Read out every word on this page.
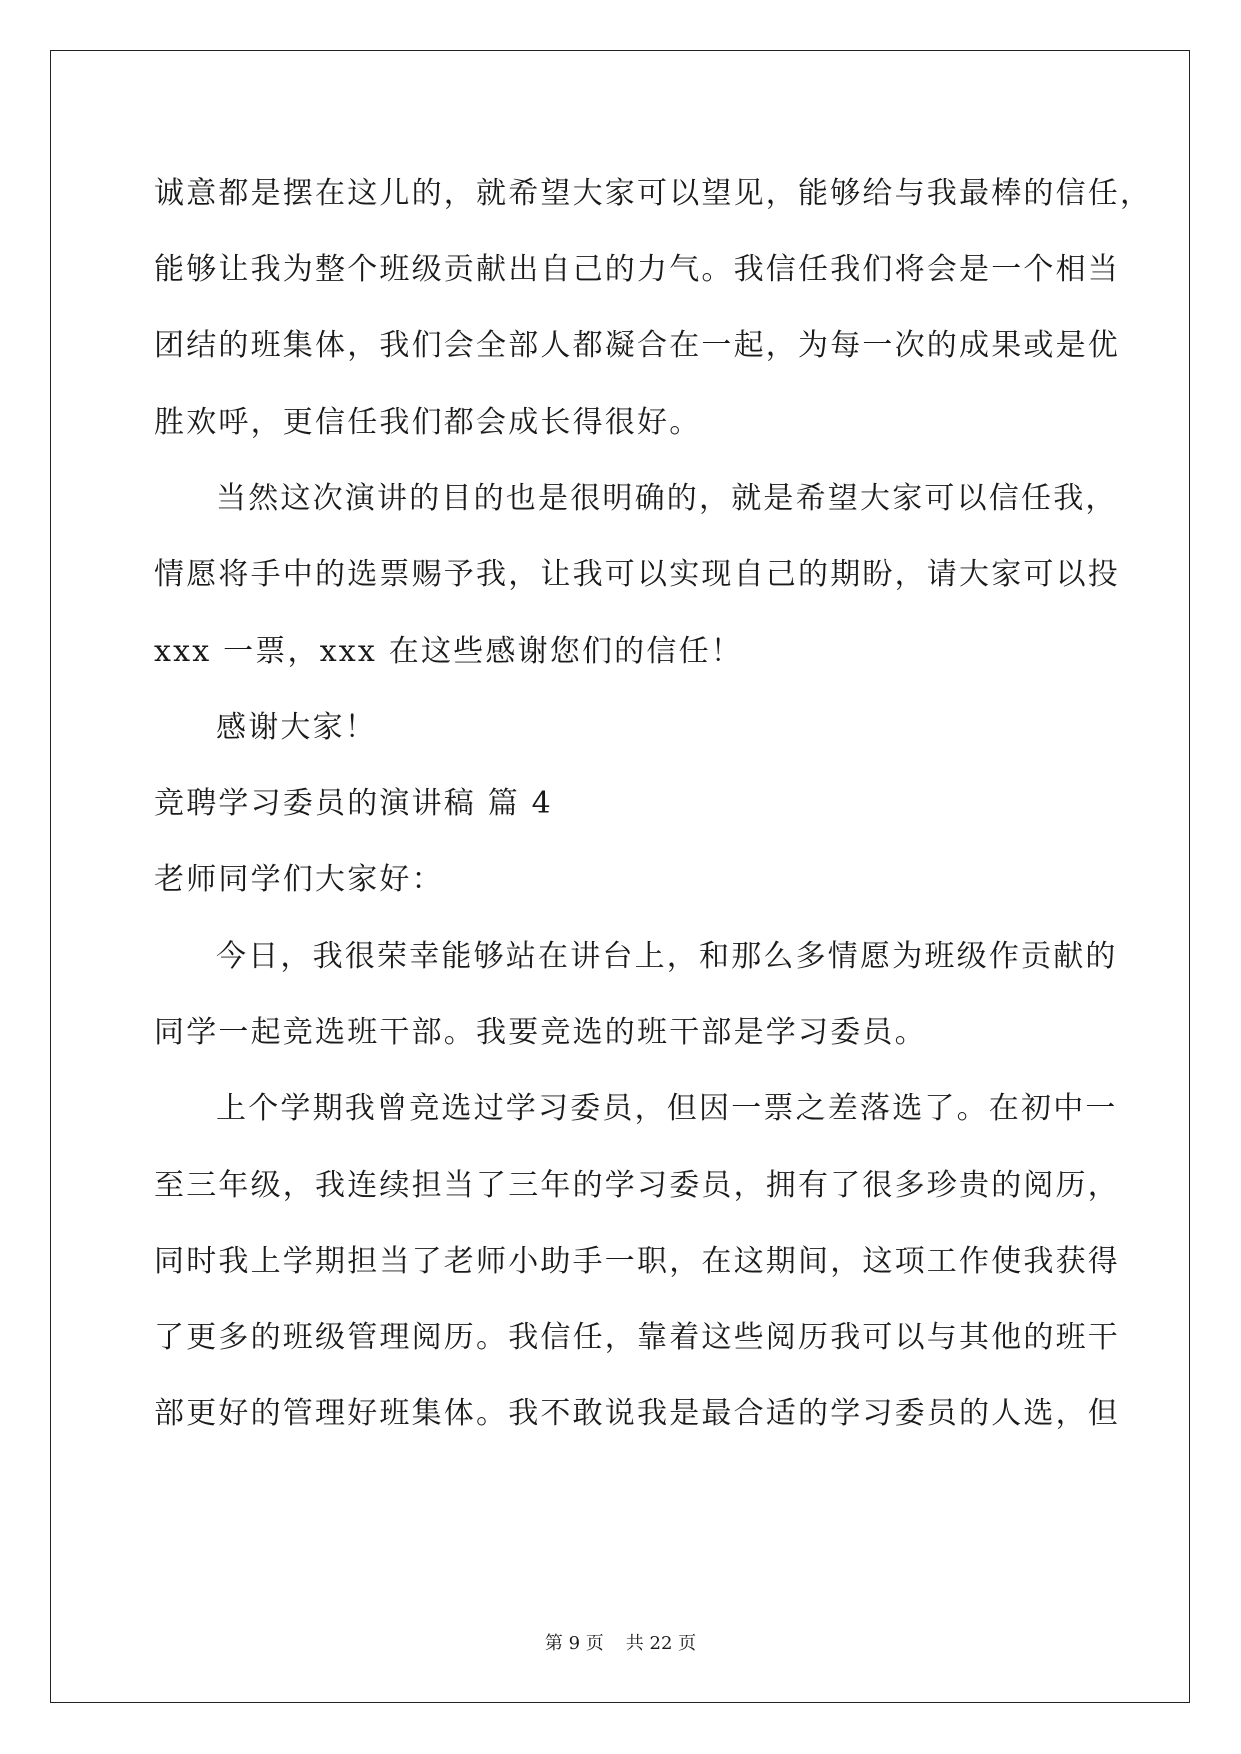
诚意都是摆在这儿的，就希望大家可以望见，能够给与我最棒的信任，
能够让我为整个班级贡献出自己的力气。我信任我们将会是一个相当
团结的班集体，我们会全部人都凝合在一起，为每一次的成果或是优
胜欢呼，更信任我们都会成长得很好。
当然这次演讲的目的也是很明确的，就是希望大家可以信任我，
情愿将手中的选票赐予我，让我可以实现自己的期盼，请大家可以投
xxx 一票，xxx 在这些感谢您们的信任！
感谢大家！
竞聘学习委员的演讲稿 篇 4
老师同学们大家好：
今日，我很荣幸能够站在讲台上，和那么多情愿为班级作贡献的
同学一起竞选班干部。我要竞选的班干部是学习委员。
上个学期我曾竞选过学习委员，但因一票之差落选了。在初中一
至三年级，我连续担当了三年的学习委员，拥有了很多珍贵的阅历，
同时我上学期担当了老师小助手一职，在这期间，这项工作使我获得
了更多的班级管理阅历。我信任，靠着这些阅历我可以与其他的班干
部更好的管理好班集体。我不敢说我是最合适的学习委员的人选，但
第 9 页 共 22 页
